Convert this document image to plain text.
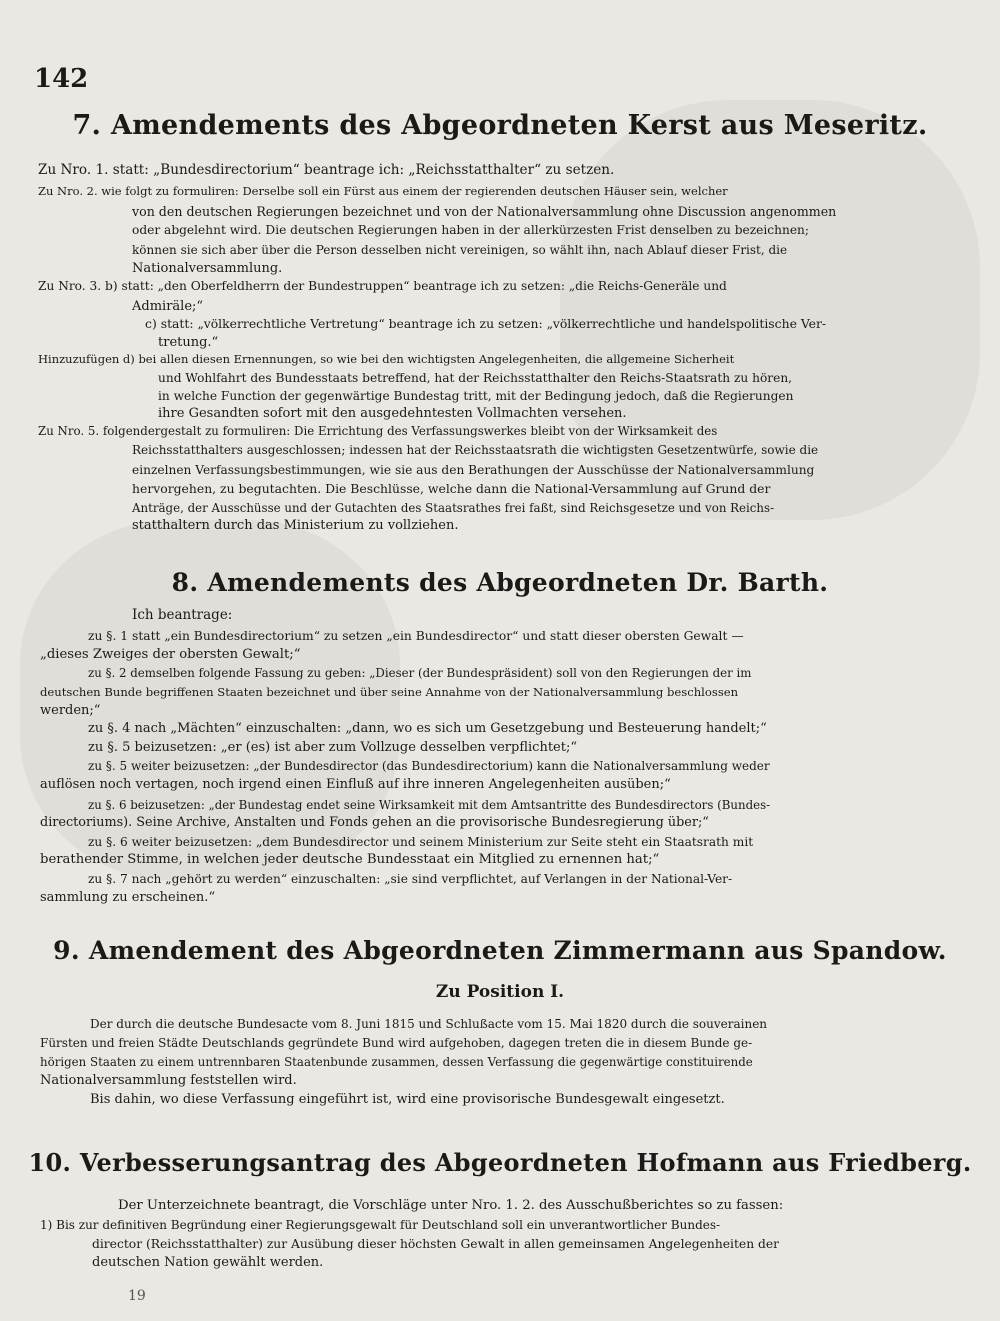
142
7. Amendements des Abgeordneten Kerst aus Meseritz.
Zu Nro. 1. statt: „Bundesdirectorium“ beantrage ich: „Reichsstatthalter“ zu setzen.
Zu Nro. 2. wie folgt zu formuliren: Derselbe soll ein Fürst aus einem der regierenden deutschen Häuser sein, welcher
von den deutschen Regierungen bezeichnet und von der Nationalversammlung ohne Discussion angenommen
oder abgelehnt wird. Die deutschen Regierungen haben in der allerkürzesten Frist denselben zu bezeichnen;
können sie sich aber über die Person desselben nicht vereinigen, so wählt ihn, nach Ablauf dieser Frist, die
Nationalversammlung.
Zu Nro. 3. b) statt: „den Oberfeldherrn der Bundestruppen“ beantrage ich zu setzen: „die Reichs-Generäle und
Admiräle;“
c) statt: „völkerrechtliche Vertretung“ beantrage ich zu setzen: „völkerrechtliche und handelspolitische Ver-
tretung.“
Hinzuzufügen d) bei allen diesen Ernennungen, so wie bei den wichtigsten Angelegenheiten, die allgemeine Sicherheit
und Wohlfahrt des Bundesstaats betreffend, hat der Reichsstatthalter den Reichs-Staatsrath zu hören,
in welche Function der gegenwärtige Bundestag tritt, mit der Bedingung jedoch, daß die Regierungen
ihre Gesandten sofort mit den ausgedehntesten Vollmachten versehen.
Zu Nro. 5. folgendergestalt zu formuliren: Die Errichtung des Verfassungswerkes bleibt von der Wirksamkeit des
Reichsstatthalters ausgeschlossen; indessen hat der Reichsstaatsrath die wichtigsten Gesetzentwürfe, sowie die
einzelnen Verfassungsbestimmungen, wie sie aus den Berathungen der Ausschüsse der Nationalversammlung
hervorgehen, zu begutachten. Die Beschlüsse, welche dann die National-Versammlung auf Grund der
Anträge, der Ausschüsse und der Gutachten des Staatsrathes frei faßt, sind Reichsgesetze und von Reichs-
statthaltern durch das Ministerium zu vollziehen.
8. Amendements des Abgeordneten Dr. Barth.
Ich beantrage:
zu §. 1 statt „ein Bundesdirectorium“ zu setzen „ein Bundesdirector“ und statt dieser obersten Gewalt —
„dieses Zweiges der obersten Gewalt;“
zu §. 2 demselben folgende Fassung zu geben: „Dieser (der Bundespräsident) soll von den Regierungen der im
deutschen Bunde begriffenen Staaten bezeichnet und über seine Annahme von der Nationalversammlung beschlossen
werden;“
zu §. 4 nach „Mächten“ einzuschalten: „dann, wo es sich um Gesetzgebung und Besteuerung handelt;“
zu §. 5 beizusetzen: „er (es) ist aber zum Vollzuge desselben verpflichtet;“
zu §. 5 weiter beizusetzen: „der Bundesdirector (das Bundesdirectorium) kann die Nationalversammlung weder
auflösen noch vertagen, noch irgend einen Einfluß auf ihre inneren Angelegenheiten ausüben;“
zu §. 6 beizusetzen: „der Bundestag endet seine Wirksamkeit mit dem Amtsantritte des Bundesdirectors (Bundes-
directoriums). Seine Archive, Anstalten und Fonds gehen an die provisorische Bundesregierung über;“
zu §. 6 weiter beizusetzen: „dem Bundesdirector und seinem Ministerium zur Seite steht ein Staatsrath mit
berathender Stimme, in welchen jeder deutsche Bundesstaat ein Mitglied zu ernennen hat;“
zu §. 7 nach „gehört zu werden“ einzuschalten: „sie sind verpflichtet, auf Verlangen in der National-Ver-
sammlung zu erscheinen.“
9. Amendement des Abgeordneten Zimmermann aus Spandow.
Zu Position I.
Der durch die deutsche Bundesacte vom 8. Juni 1815 und Schlußacte vom 15. Mai 1820 durch die souverainen
Fürsten und freien Städte Deutschlands gegründete Bund wird aufgehoben, dagegen treten die in diesem Bunde ge-
hörigen Staaten zu einem untrennbaren Staatenbunde zusammen, dessen Verfassung die gegenwärtige constituirende
Nationalversammlung feststellen wird.
Bis dahin, wo diese Verfassung eingeführt ist, wird eine provisorische Bundesgewalt eingesetzt.
10. Verbesserungsantrag des Abgeordneten Hofmann aus Friedberg.
Der Unterzeichnete beantragt, die Vorschläge unter Nro. 1. 2. des Ausschußberichtes so zu fassen:
1) Bis zur definitiven Begründung einer Regierungsgewalt für Deutschland soll ein unverantwortlicher Bundes-
director (Reichsstatthalter) zur Ausübung dieser höchsten Gewalt in allen gemeinsamen Angelegenheiten der
deutschen Nation gewählt werden.
19
